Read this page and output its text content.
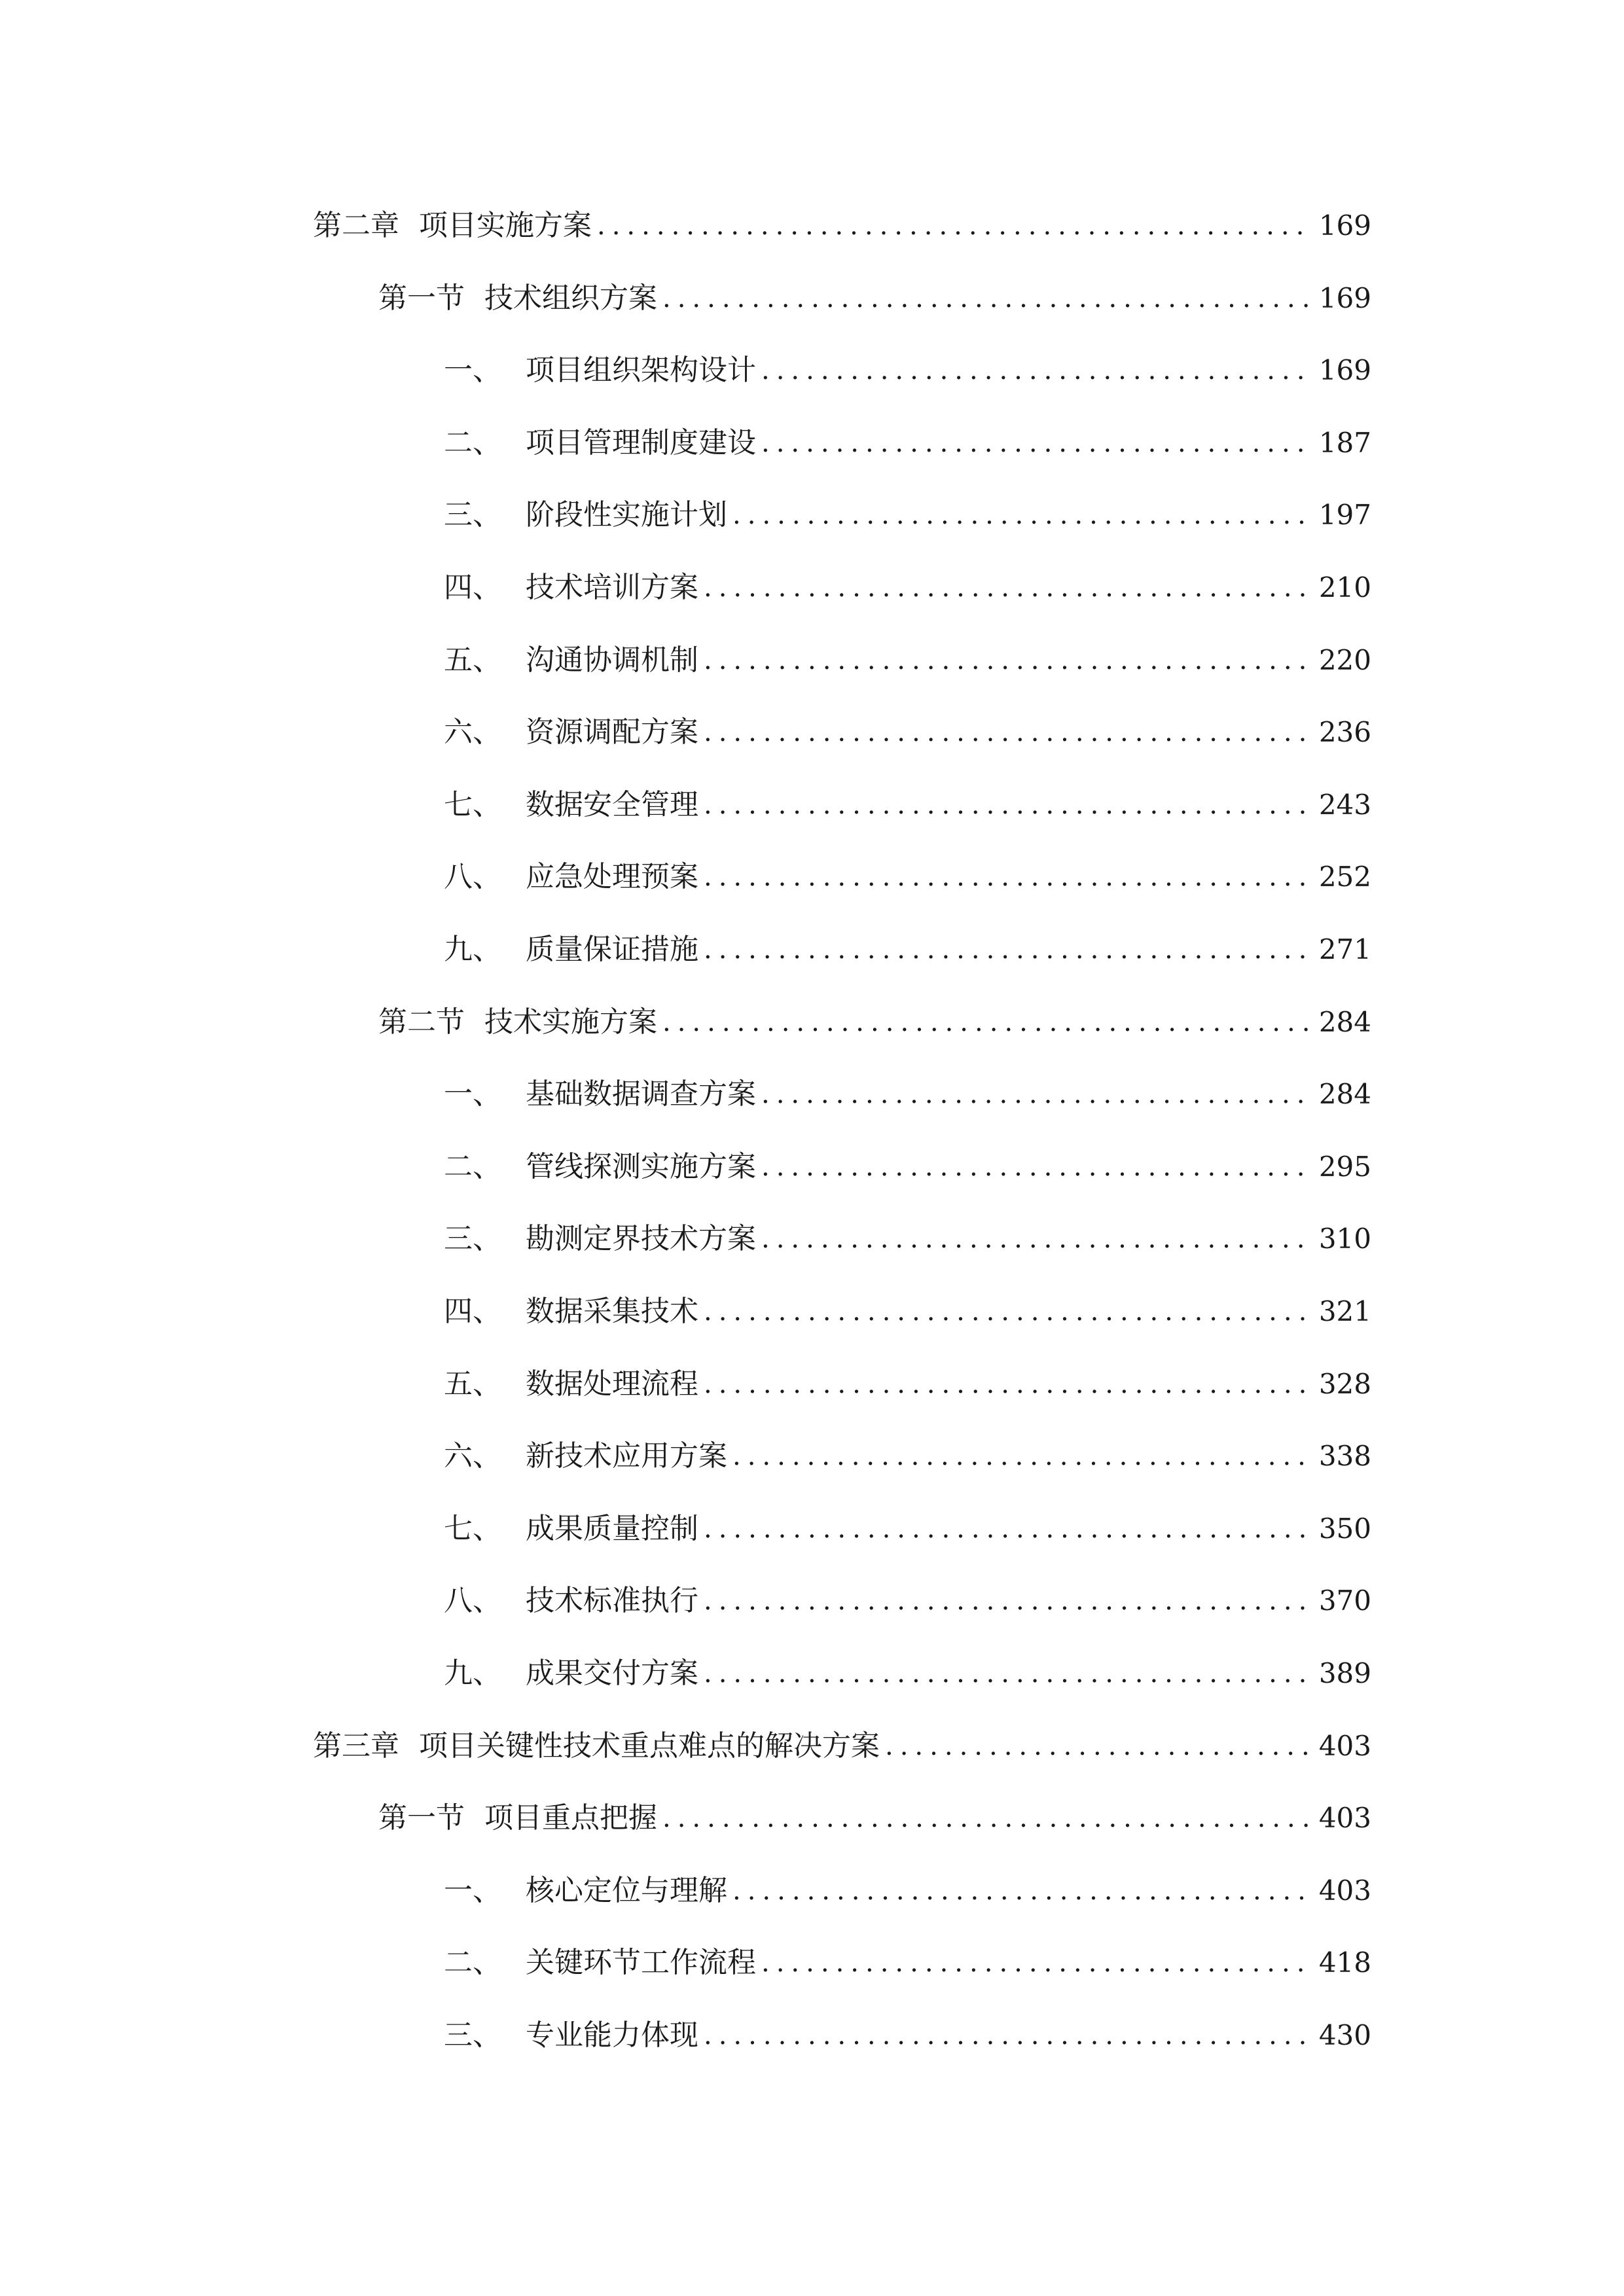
第二章 项目实施方案 .....	169
第一节 技术组织方案 .....	169
一、 项目组织架构设计 .....	169
二、 项目管理制度建设 .....	187
三、 阶段性实施计划 .....	197
四、 技术培训方案 .....	210
五、 沟通协调机制 .....	220
六、 资源调配方案 .....	236
七、 数据安全管理 .....	243
八、 应急处理预案 .....	252
九、 质量保证措施 .....	271
第二节 技术实施方案 .....	284
一、 基础数据调查方案 .....	284
二、 管线探测实施方案 .....	295
三、 勘测定界技术方案 .....	310
四、 数据采集技术 .....	321
五、 数据处理流程 .....	328
六、 新技术应用方案 .....	338
七、 成果质量控制 .....	350
八、 技术标准执行 .....	370
九、 成果交付方案 .....	389
第三章 项目关键性技术重点难点的解决方案 .....	403
第一节 项目重点把握 .....	403
一、 核心定位与理解 .....	403
二、 关键环节工作流程 .....	418
三、 专业能力体现 .....	430
